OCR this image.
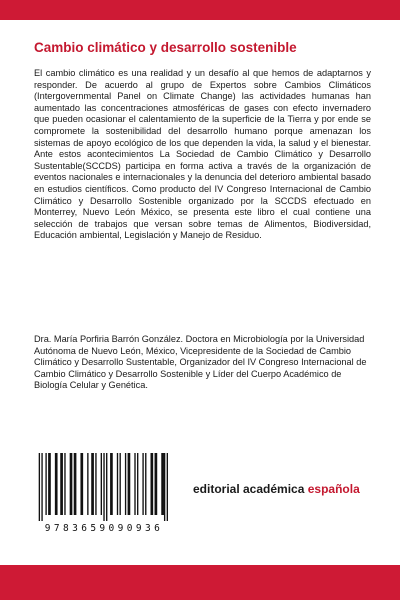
Cambio climático y desarrollo sostenible

El cambio climático es una realidad y un desafío al que hemos de adaptarnos y responder. De acuerdo al grupo de Expertos sobre Cambios Climáticos (Intergovernmental Panel on Climate Change) las actividades humanas han aumentado las concentraciones atmosféricas de gases con efecto invernadero que pueden ocasionar el calentamiento de la superficie de la Tierra y por ende se compromete la sostenibilidad del desarrollo humano porque amenazan los sistemas de apoyo ecológico de los que dependen la vida, la salud y el bienestar. Ante estos acontecimientos La Sociedad de Cambio Climático y Desarrollo Sustentable(SCCDS) participa en forma activa a través de la organización de eventos nacionales e internacionales y la denuncia del deterioro ambiental basado en estudios científicos. Como producto del IV Congreso Internacional de Cambio Climático y Desarrollo Sostenible organizado por la SCCDS efectuado en Monterrey, Nuevo León México, se presenta este libro el cual contiene una selección de trabajos que versan sobre temas de Alimentos, Biodiversidad, Educación ambiental, Legislación y Manejo de Residuo.

Dra. María Porfiria Barrón González. Doctora en Microbiología por la Universidad Autónoma de Nuevo León, México, Vicepresidente de la Sociedad de Cambio Climático y Desarrollo Sustentable, Organizador del IV Congreso Internacional de Cambio Climático y Desarrollo Sostenible y Líder del Cuerpo Académico de Biología Celular y Genética.

9783659090936
editorial académica española
